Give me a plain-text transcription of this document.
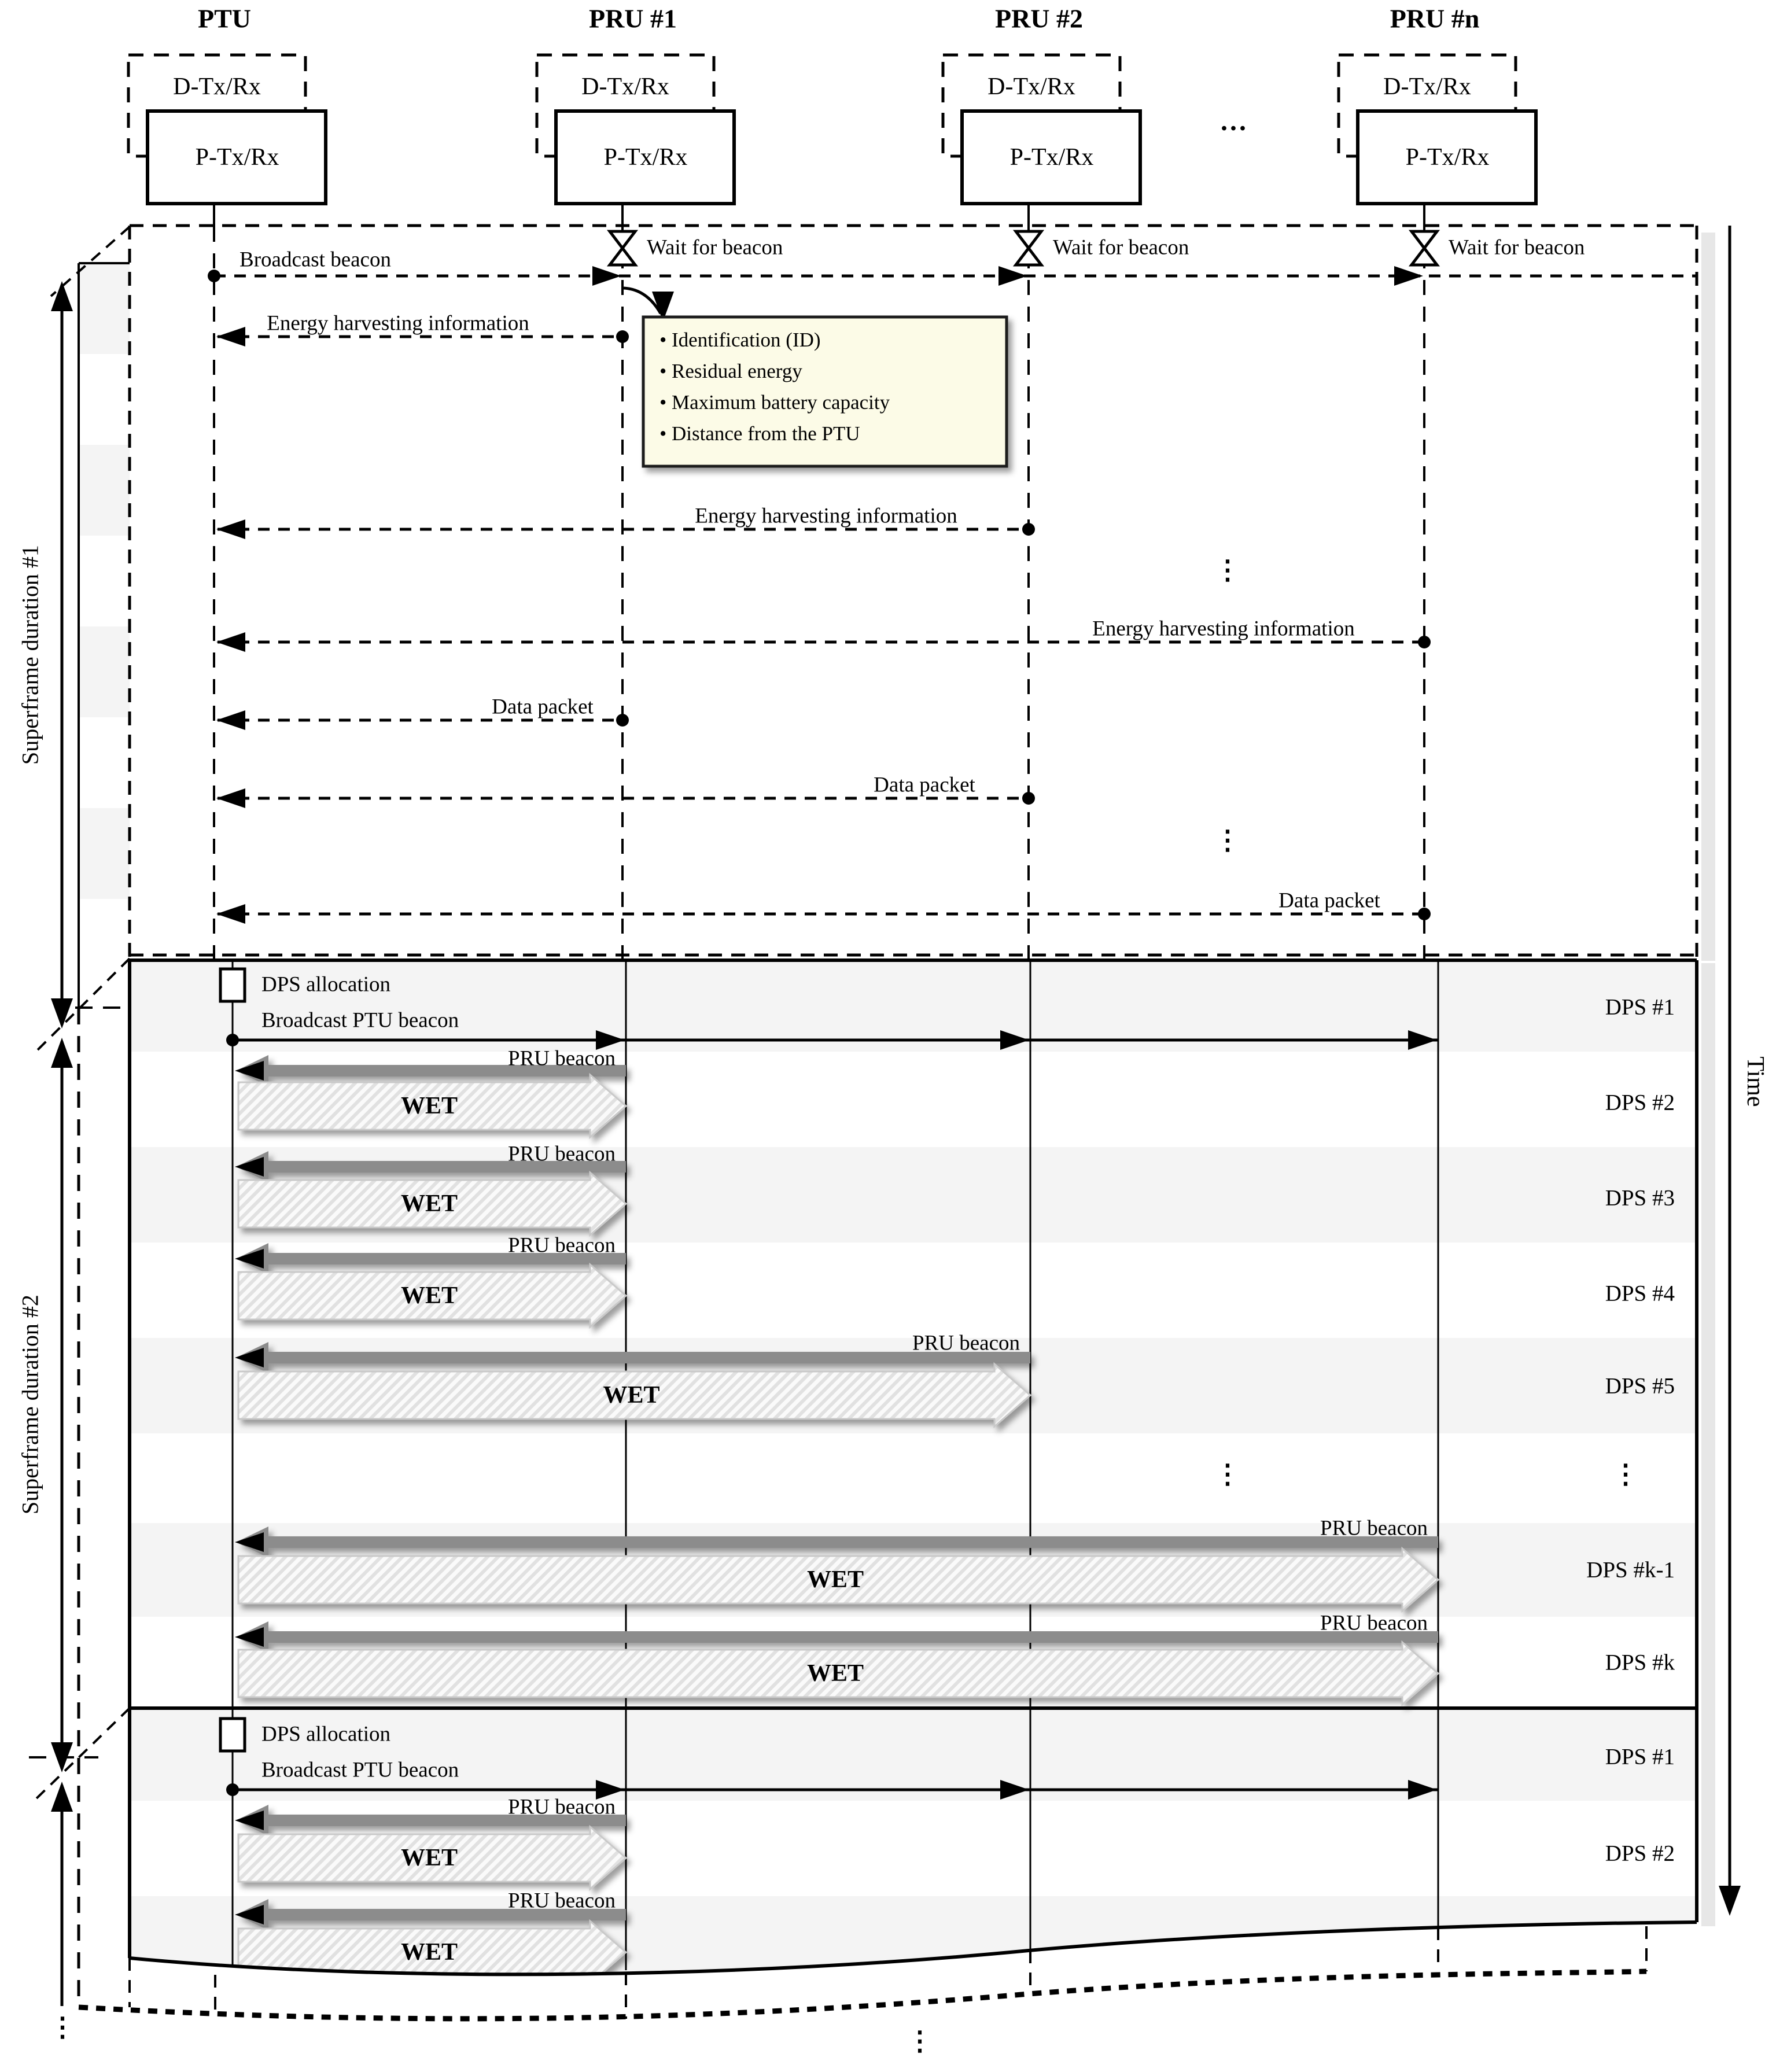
PTU
D-Tx/Rx
P-Tx/Rx
PRU #1
D-Tx/Rx
P-Tx/Rx
PRU #2
D-Tx/Rx
P-Tx/Rx
PRU #n
D-Tx/Rx
P-Tx/Rx
···
Superframe duration #1
Superframe duration #2
Time
Broadcast beacon
Wait for beacon	Wait for beacon	Wait for beacon
• Identification (ID)
• Residual energy
• Maximum battery capacity
• Distance from the PTU
Energy harvesting information
Energy harvesting information
Energy harvesting information
Data packet
Data packet
Data packet
⋮
⋮
DPS allocation
Broadcast PTU beacon
PRU beacon
WET
PRU beacon
WET
PRU beacon
WET
PRU beacon
WET
PRU beacon
WET
PRU beacon
WET
DPS #1
DPS #2
DPS #3
DPS #4
DPS #5
DPS #k-1
DPS #k
⋮	⋮
DPS allocation
Broadcast PTU beacon
PRU beacon
WET
PRU beacon
WET
DPS #1
DPS #2
⋮	⋮
